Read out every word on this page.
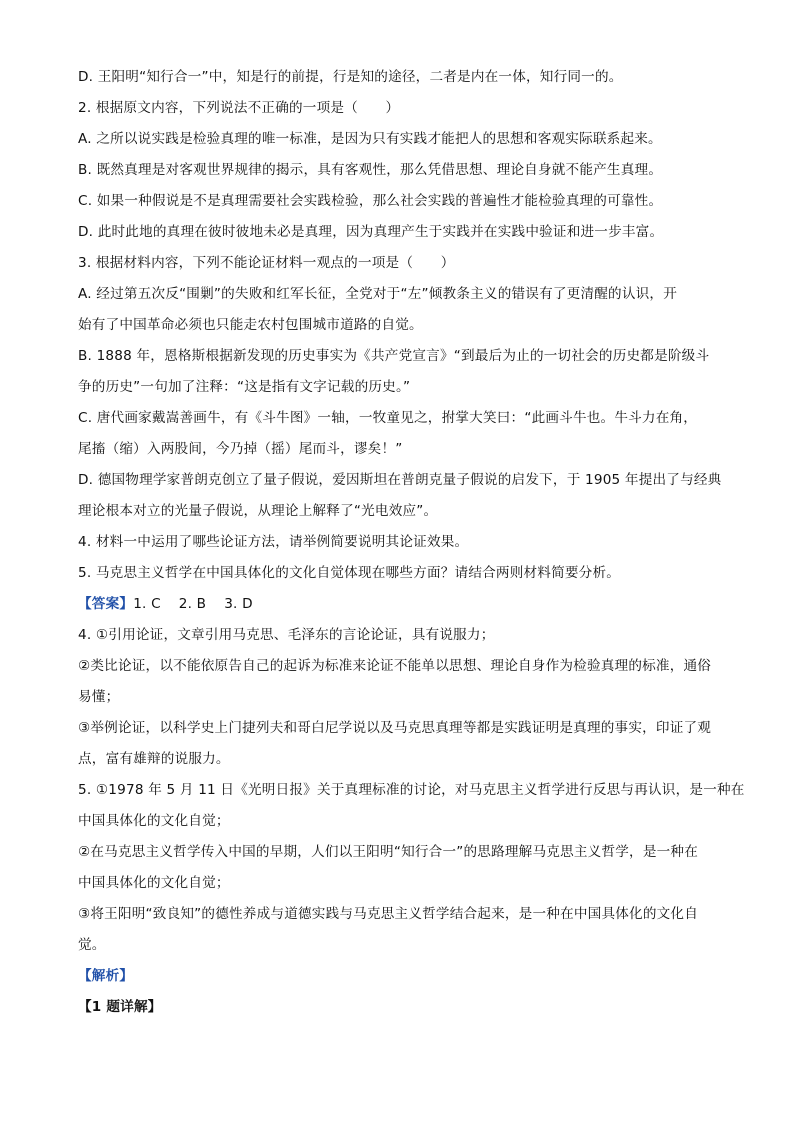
D. 王阳明“知行合一”中，知是行的前提，行是知的途径，二者是内在一体，知行同一的。
2. 根据原文内容，下列说法不正确的一项是（　　）
A. 之所以说实践是检验真理的唯一标准，是因为只有实践才能把人的思想和客观实际联系起来。
B. 既然真理是对客观世界规律的揭示，具有客观性，那么凭借思想、理论自身就不能产生真理。
C. 如果一种假说是不是真理需要社会实践检验，那么社会实践的普遍性才能检验真理的可靠性。
D. 此时此地的真理在彼时彼地未必是真理，因为真理产生于实践并在实践中验证和进一步丰富。
3. 根据材料内容，下列不能论证材料一观点的一项是（　　）
A. 经过第五次反“围剿”的失败和红军长征，全党对于“左”倾教条主义的错误有了更清醒的认识，开
始有了中国革命必须也只能走农村包围城市道路的自觉。
B. 1888 年，恩格斯根据新发现的历史事实为《共产党宣言》“到最后为止的一切社会的历史都是阶级斗
争的历史”一句加了注释：“这是指有文字记载的历史。”
C. 唐代画家戴嵩善画牛，有《斗牛图》一轴，一牧童见之，拊掌大笑曰：“此画斗牛也。牛斗力在角，
尾搐（缩）入两股间，今乃掉（摇）尾而斗，谬矣！”
D. 德国物理学家普朗克创立了量子假说，爱因斯坦在普朗克量子假说的启发下，于 1905 年提出了与经典
理论根本对立的光量子假说，从理论上解释了“光电效应”。
4. 材料一中运用了哪些论证方法，请举例简要说明其论证效果。
5. 马克思主义哲学在中国具体化的文化自觉体现在哪些方面？请结合两则材料简要分析。
【答案】1. C 2. B 3. D
4. ①引用论证，文章引用马克思、毛泽东的言论论证，具有说服力；
②类比论证，以不能依原告自己的起诉为标准来论证不能单以思想、理论自身作为检验真理的标准，通俗
易懂；
③举例论证，以科学史上门捷列夫和哥白尼学说以及马克思真理等都是实践证明是真理的事实，印证了观
点，富有雄辩的说服力。
5. ①1978 年 5 月 11 日《光明日报》关于真理标准的讨论，对马克思主义哲学进行反思与再认识，是一种在
中国具体化的文化自觉；
②在马克思主义哲学传入中国的早期，人们以王阳明“知行合一”的思路理解马克思主义哲学，是一种在
中国具体化的文化自觉；
③将王阳明“致良知”的德性养成与道德实践与马克思主义哲学结合起来，是一种在中国具体化的文化自
觉。
【解析】
【1 题详解】
